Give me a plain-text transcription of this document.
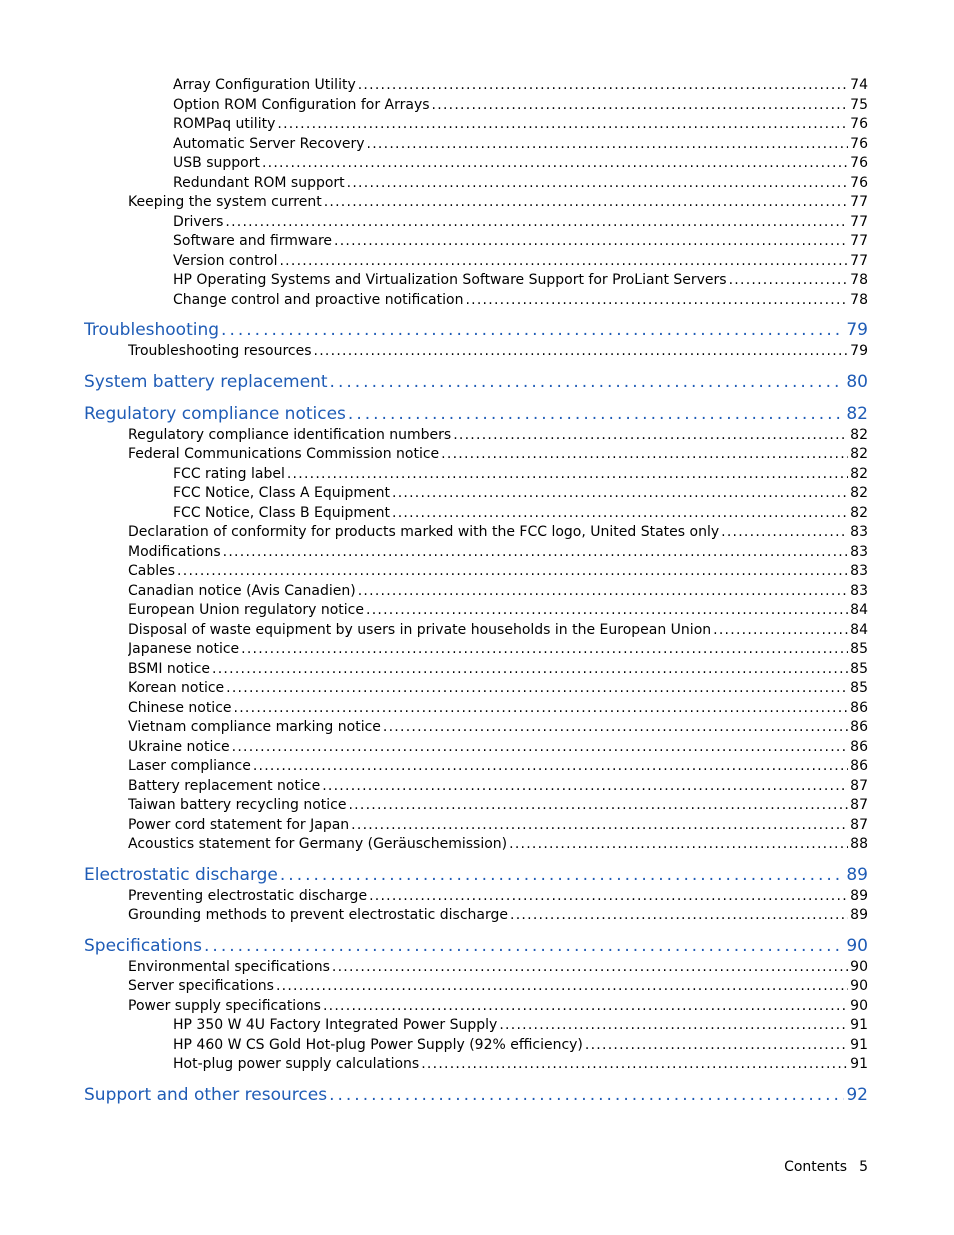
Array Configuration Utility . . .	74
Option ROM Configuration for Arrays . . .	75
ROMPaq utility . . .	76
Automatic Server Recovery . . .	76
USB support . . .	76
Redundant ROM support . . .	76
Keeping the system current . . .	77
Drivers . . .	77
Software and firmware . . .	77
Version control . . .	77
HP Operating Systems and Virtualization Software Support for ProLiant Servers . . .	78
Change control and proactive notification . . .	78
Troubleshooting . . .	79
Troubleshooting resources . . .	79
System battery replacement . . .	80
Regulatory compliance notices . . .	82
Regulatory compliance identification numbers . . .	82
Federal Communications Commission notice . . .	82
FCC rating label . . .	82
FCC Notice, Class A Equipment . . .	82
FCC Notice, Class B Equipment . . .	82
Declaration of conformity for products marked with the FCC logo, United States only . . .	83
Modifications . . .	83
Cables . . .	83
Canadian notice (Avis Canadien) . . .	83
European Union regulatory notice . . .	84
Disposal of waste equipment by users in private households in the European Union . . .	84
Japanese notice . . .	85
BSMI notice . . .	85
Korean notice . . .	85
Chinese notice . . .	86
Vietnam compliance marking notice . . .	86
Ukraine notice . . .	86
Laser compliance . . .	86
Battery replacement notice . . .	87
Taiwan battery recycling notice . . .	87
Power cord statement for Japan . . .	87
Acoustics statement for Germany (Geräuschemission) . . .	88
Electrostatic discharge . . .	89
Preventing electrostatic discharge . . .	89
Grounding methods to prevent electrostatic discharge . . .	89
Specifications . . .	90
Environmental specifications . . .	90
Server specifications . . .	90
Power supply specifications . . .	90
HP 350 W 4U Factory Integrated Power Supply . . .	91
HP 460 W CS Gold Hot-plug Power Supply (92% efficiency) . . .	91
Hot-plug power supply calculations . . .	91
Support and other resources . . .	92
Contents 5
